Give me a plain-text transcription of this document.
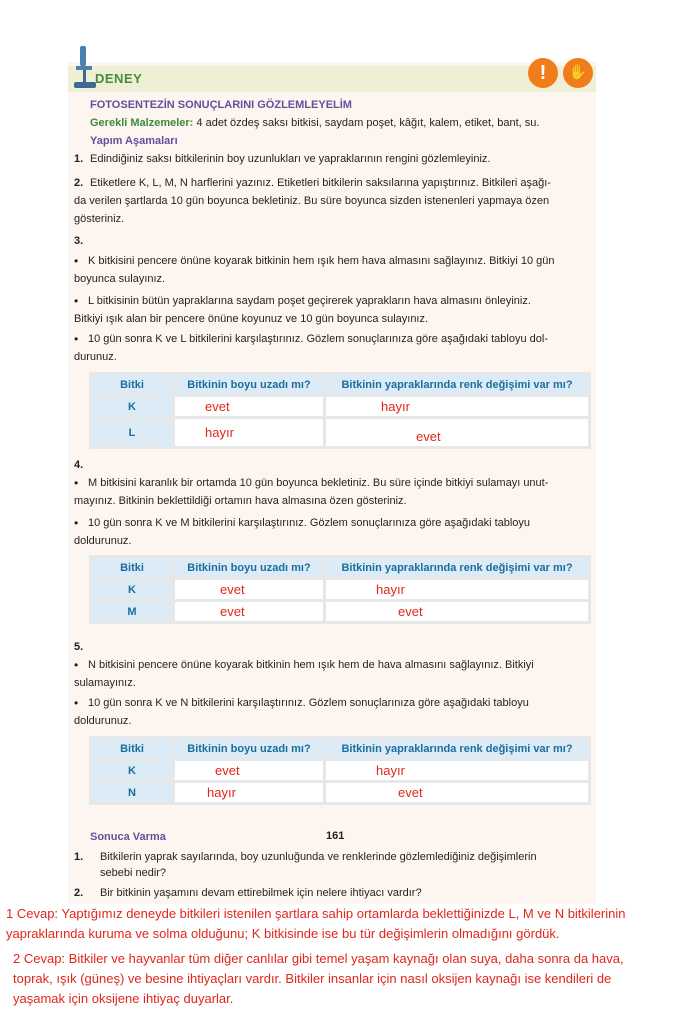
DENEY	!	✋

FOTOSENTEZİN SONUÇLARINI GÖZLEMLEYELİM

Gerekli Malzemeler: 4 adet özdeş saksı bitkisi, saydam poşet, kâğıt, kalem, etiket, bant, su.

Yapım Aşamaları

1. Edindiğiniz saksı bitkilerinin boy uzunlukları ve yapraklarının rengini gözlemleyiniz.

2. Etiketlere K, L, M, N harflerini yazınız. Etiketleri bitkilerin saksılarına yapıştırınız. Bitkileri aşağı-

da verilen şartlarda 10 gün boyunca bekletiniz. Bu süre boyunca sizden istenenleri yapmaya özen

gösteriniz.

3.
• K bitkisini pencere önüne koyarak bitkinin hem ışık hem hava almasını sağlayınız. Bitkiyi 10 gün

boyunca sulayınız.

• L bitkisinin bütün yapraklarına saydam poşet geçirerek yaprakların hava almasını önleyiniz.

Bitkiyi ışık alan bir pencere önüne koyunuz ve 10 gün boyunca sulayınız.

• 10 gün sonra K ve L bitkilerini karşılaştırınız. Gözlem sonuçlarınıza göre aşağıdaki tabloyu dol-

durunuz.

Bitki	Bitkinin boyu uzadı mı?	Bitkinin yapraklarında renk değişimi var mı?
K	evet	hayır
L	hayır	evet
4.
• M bitkisini karanlık bir ortamda 10 gün boyunca bekletiniz. Bu süre içinde bitkiyi sulamayı unut-

mayınız. Bitkinin beklettildiği ortamın hava almasına özen gösteriniz.

• 10 gün sonra K ve M bitkilerini karşılaştırınız. Gözlem sonuçlarınıza göre aşağıdaki tabloyu

doldurunuz.

Bitki	Bitkinin boyu uzadı mı?	Bitkinin yapraklarında renk değişimi var mı?
K	evet	hayır
M	evet	evet
5.
• N bitkisini pencere önüne koyarak bitkinin hem ışık hem de hava almasını sağlayınız. Bitkiyi

sulamayınız.

• 10 gün sonra K ve N bitkilerini karşılaştırınız. Gözlem sonuçlarınıza göre aşağıdaki tabloyu

doldurunuz.

Bitki	Bitkinin boyu uzadı mı?	Bitkinin yapraklarında renk değişimi var mı?
K	evet	hayır
N	hayır	evet

Sonuca Varma

1. Bitkilerin yaprak sayılarında, boy uzunluğunda ve renklerinde gözlemlediğiniz değişimlerin

sebebi nedir?

2. Bir bitkinin yaşamını devam ettirebilmek için nelere ihtiyacı vardır?

161

1 Cevap: Yaptığımız deneyde bitkileri istenilen şartlara sahip ortamlarda beklettiğinizde L, M ve N bitkilerinin

yapraklarında kuruma ve solma olduğunu; K bitkisinde ise bu tür değişimlerin olmadığını gördük.

2 Cevap: Bitkiler ve hayvanlar tüm diğer canlılar gibi temel yaşam kaynağı olan suya, daha sonra da hava,

toprak, ışık (güneş) ve besine ihtiyaçları vardır. Bitkiler insanlar için nasıl oksijen kaynağı ise kendileri de

yaşamak için oksijene ihtiyaç duyarlar.
